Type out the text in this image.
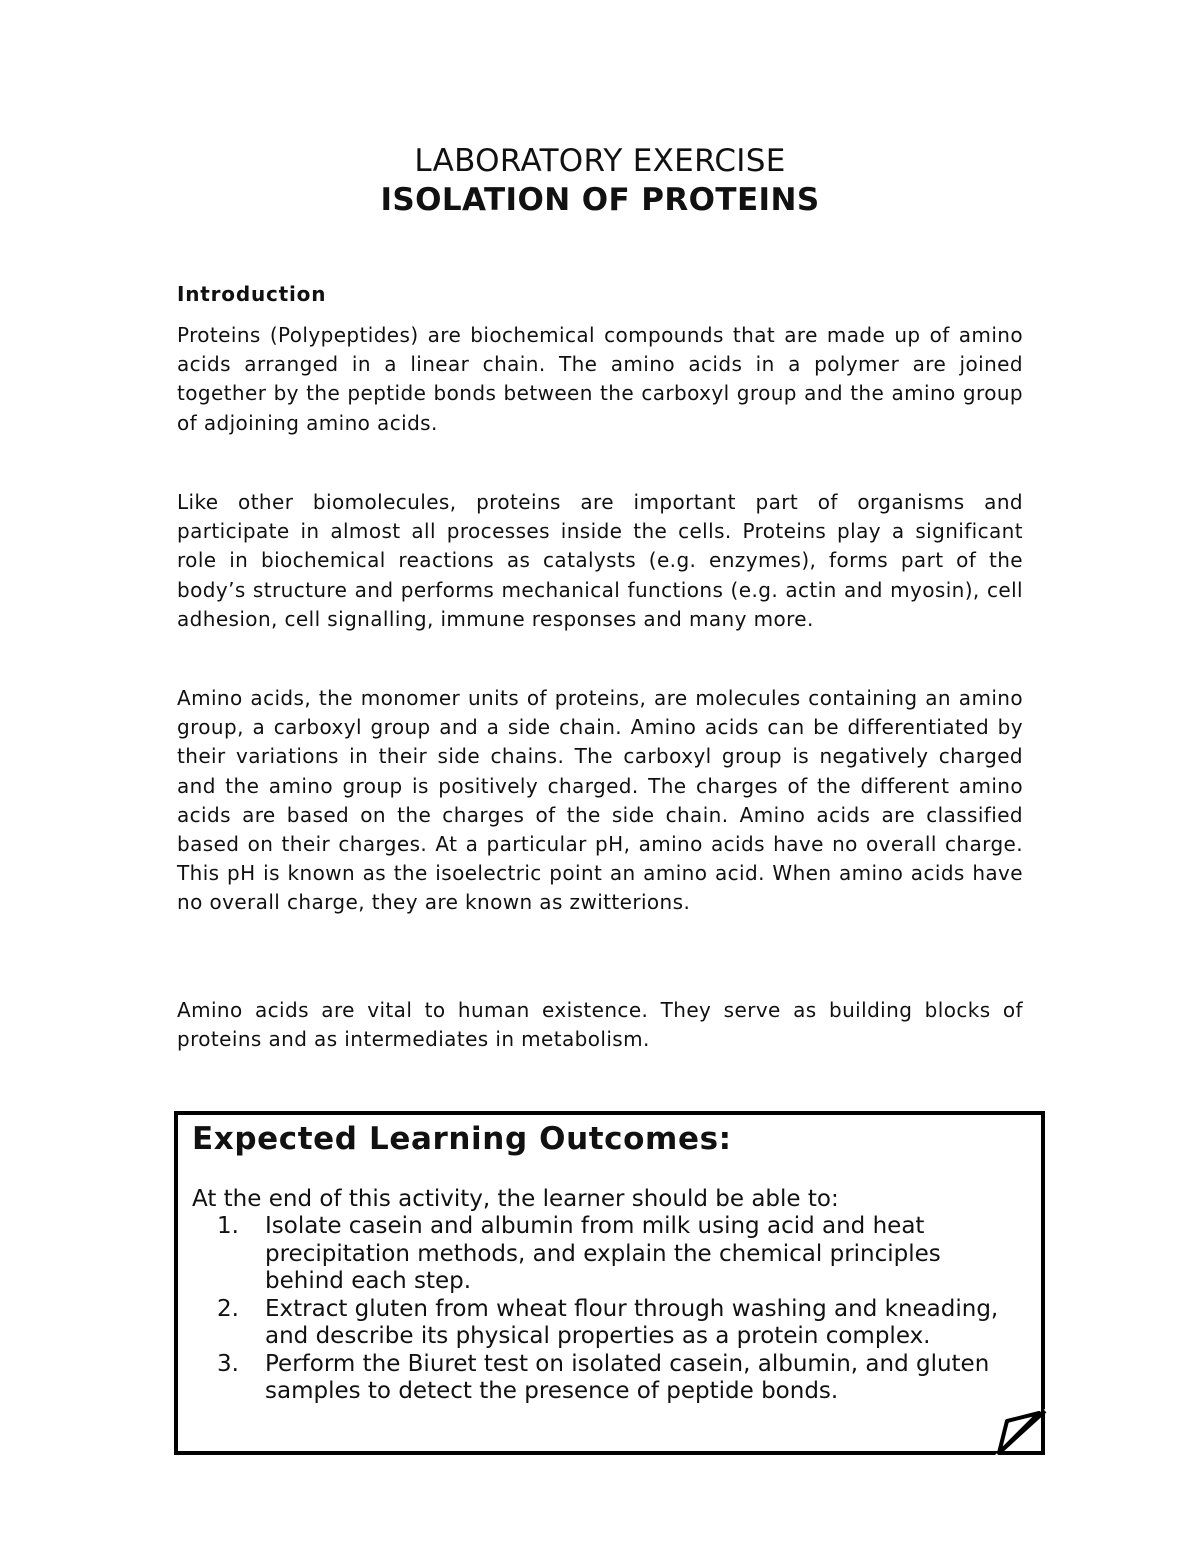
LABORATORY EXERCISE
ISOLATION OF PROTEINS
Introduction

Proteins (Polypeptides) are biochemical compounds that are made up of amino acids arranged in a linear chain. The amino acids in a polymer are joined together by the peptide bonds between the carboxyl group and the amino group of adjoining amino acids.

Like other biomolecules, proteins are important part of organisms and participate in almost all processes inside the cells. Proteins play a significant role in biochemical reactions as catalysts (e.g. enzymes), forms part of the body’s structure and performs mechanical functions (e.g. actin and myosin), cell adhesion, cell signalling, immune responses and many more.

Amino acids, the monomer units of proteins, are molecules containing an amino group, a carboxyl group and a side chain. Amino acids can be differentiated by their variations in their side chains. The carboxyl group is negatively charged and the amino group is positively charged. The charges of the different amino acids are based on the charges of the side chain. Amino acids are classified based on their charges. At a particular pH, amino acids have no overall charge. This pH is known as the isoelectric point an amino acid. When amino acids have no overall charge, they are known as zwitterions.

Amino acids are vital to human existence. They serve as building blocks of proteins and as intermediates in metabolism.

Expected Learning Outcomes:
At the end of this activity, the learner should be able to:
1. Isolate casein and albumin from milk using acid and heat precipitation methods, and explain the chemical principles behind each step.
2. Extract gluten from wheat flour through washing and kneading, and describe its physical properties as a protein complex.
3. Perform the Biuret test on isolated casein, albumin, and gluten samples to detect the presence of peptide bonds.
